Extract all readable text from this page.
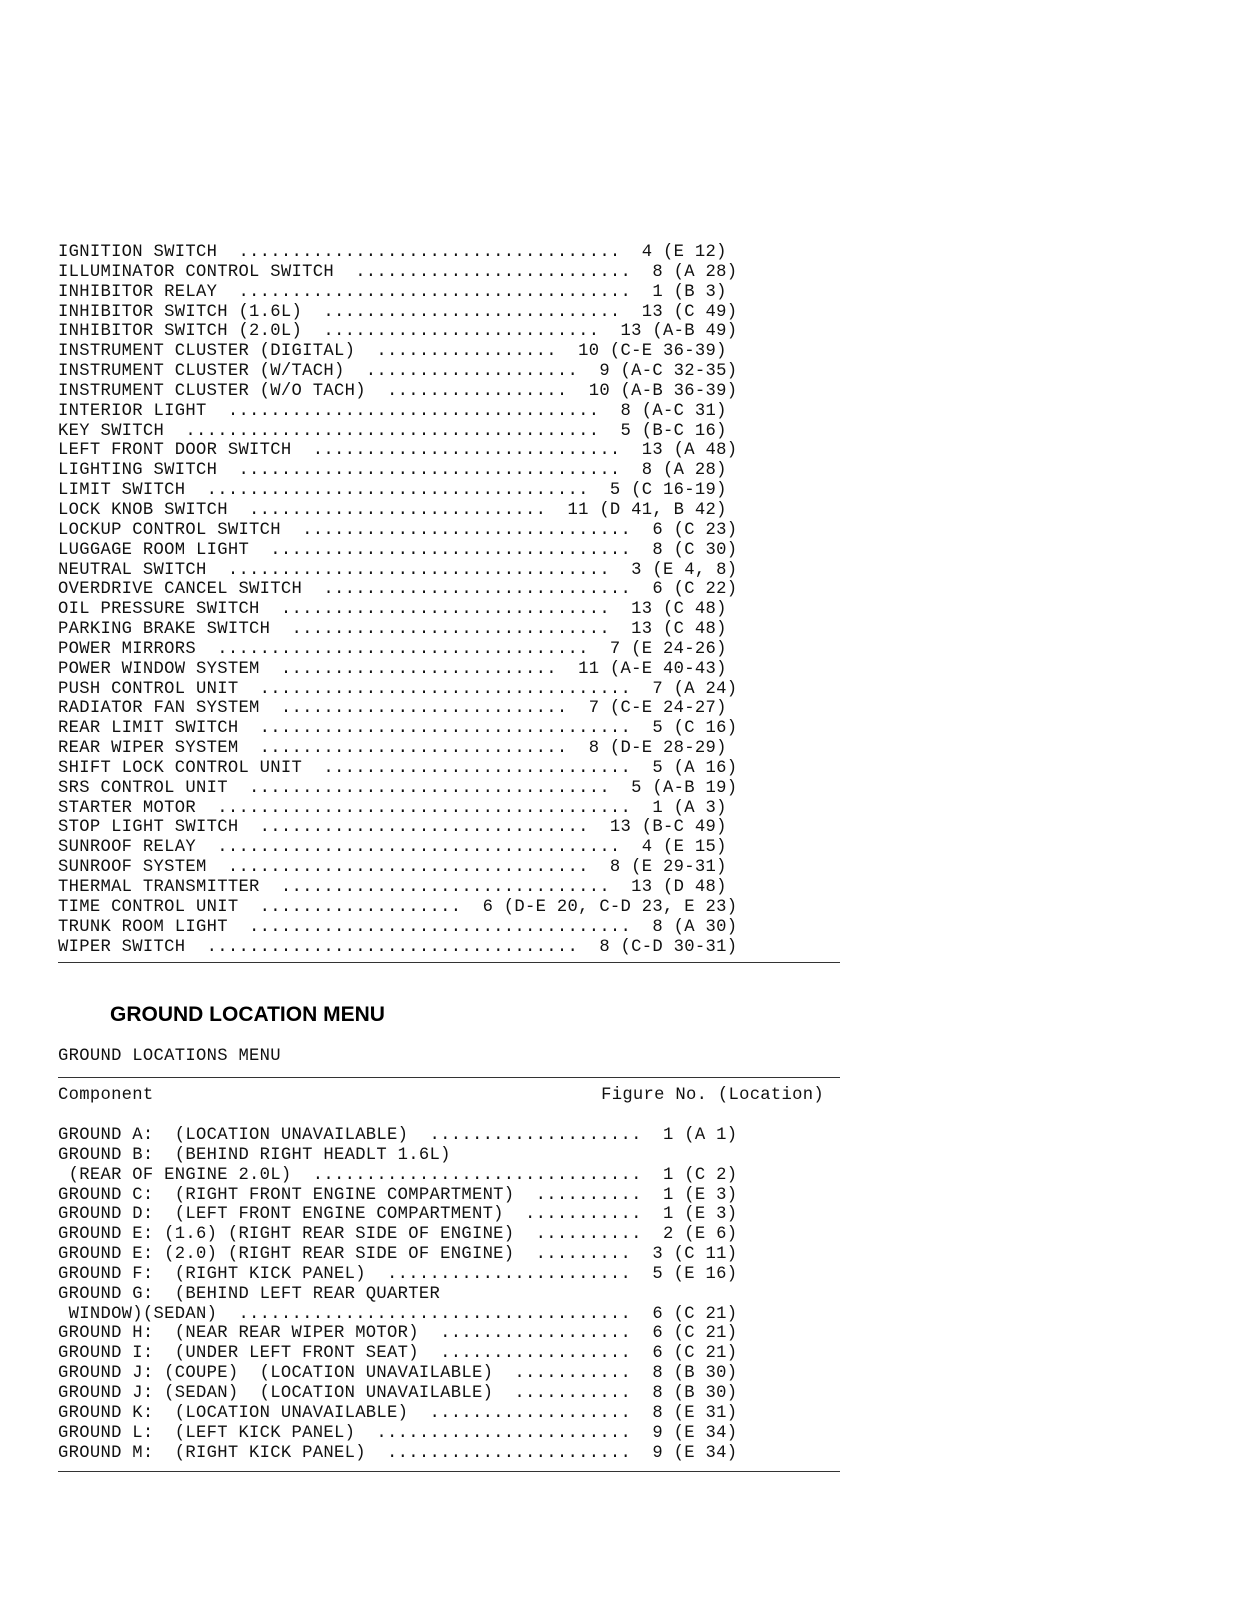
IGNITION SWITCH  ....................................  4 (E 12)
ILLUMINATOR CONTROL SWITCH  ..........................  8 (A 28)
INHIBITOR RELAY  .....................................  1 (B 3)
INHIBITOR SWITCH (1.6L)  ............................  13 (C 49)
INHIBITOR SWITCH (2.0L)  ..........................  13 (A-B 49)
INSTRUMENT CLUSTER (DIGITAL)  .................  10 (C-E 36-39)
INSTRUMENT CLUSTER (W/TACH)  ....................  9 (A-C 32-35)
INSTRUMENT CLUSTER (W/O TACH)  .................  10 (A-B 36-39)
INTERIOR LIGHT  ...................................  8 (A-C 31)
KEY SWITCH  .......................................  5 (B-C 16)
LEFT FRONT DOOR SWITCH  .............................  13 (A 48)
LIGHTING SWITCH  ....................................  8 (A 28)
LIMIT SWITCH  ....................................  5 (C 16-19)
LOCK KNOB SWITCH  ............................  11 (D 41, B 42)
LOCKUP CONTROL SWITCH  ...............................  6 (C 23)
LUGGAGE ROOM LIGHT  ..................................  8 (C 30)
NEUTRAL SWITCH  ....................................  3 (E 4, 8)
OVERDRIVE CANCEL SWITCH  .............................  6 (C 22)
OIL PRESSURE SWITCH  ...............................  13 (C 48)
PARKING BRAKE SWITCH  ..............................  13 (C 48)
POWER MIRRORS  ...................................  7 (E 24-26)
POWER WINDOW SYSTEM  ..........................  11 (A-E 40-43)
PUSH CONTROL UNIT  ...................................  7 (A 24)
RADIATOR FAN SYSTEM  ...........................  7 (C-E 24-27)
REAR LIMIT SWITCH  ...................................  5 (C 16)
REAR WIPER SYSTEM  .............................  8 (D-E 28-29)
SHIFT LOCK CONTROL UNIT  .............................  5 (A 16)
SRS CONTROL UNIT  ..................................  5 (A-B 19)
STARTER MOTOR  .......................................  1 (A 3)
STOP LIGHT SWITCH  ...............................  13 (B-C 49)
SUNROOF RELAY  ......................................  4 (E 15)
SUNROOF SYSTEM  ..................................  8 (E 29-31)
THERMAL TRANSMITTER  ...............................  13 (D 48)
TIME CONTROL UNIT  ...................  6 (D-E 20, C-D 23, E 23)
TRUNK ROOM LIGHT  ....................................  8 (A 30)
WIPER SWITCH  ...................................  8 (C-D 30-31)
GROUND LOCATION MENU
GROUND LOCATIONS MENU
Component	Figure No. (Location)
GROUND A:  (LOCATION UNAVAILABLE)  ....................  1 (A 1)
GROUND B:  (BEHIND RIGHT HEADLT 1.6L)
(REAR OF ENGINE 2.0L)  ...............................  1 (C 2)
GROUND C:  (RIGHT FRONT ENGINE COMPARTMENT)  ..........  1 (E 3)
GROUND D:  (LEFT FRONT ENGINE COMPARTMENT)  ...........  1 (E 3)
GROUND E: (1.6) (RIGHT REAR SIDE OF ENGINE)  ..........  2 (E 6)
GROUND E: (2.0) (RIGHT REAR SIDE OF ENGINE)  .........  3 (C 11)
GROUND F:  (RIGHT KICK PANEL)  .......................  5 (E 16)
GROUND G:  (BEHIND LEFT REAR QUARTER
WINDOW)(SEDAN)  .....................................  6 (C 21)
GROUND H:  (NEAR REAR WIPER MOTOR)  ..................  6 (C 21)
GROUND I:  (UNDER LEFT FRONT SEAT)  ..................  6 (C 21)
GROUND J: (COUPE)  (LOCATION UNAVAILABLE)  ...........  8 (B 30)
GROUND J: (SEDAN)  (LOCATION UNAVAILABLE)  ...........  8 (B 30)
GROUND K:  (LOCATION UNAVAILABLE)  ...................  8 (E 31)
GROUND L:  (LEFT KICK PANEL)  ........................  9 (E 34)
GROUND M:  (RIGHT KICK PANEL)  .......................  9 (E 34)
